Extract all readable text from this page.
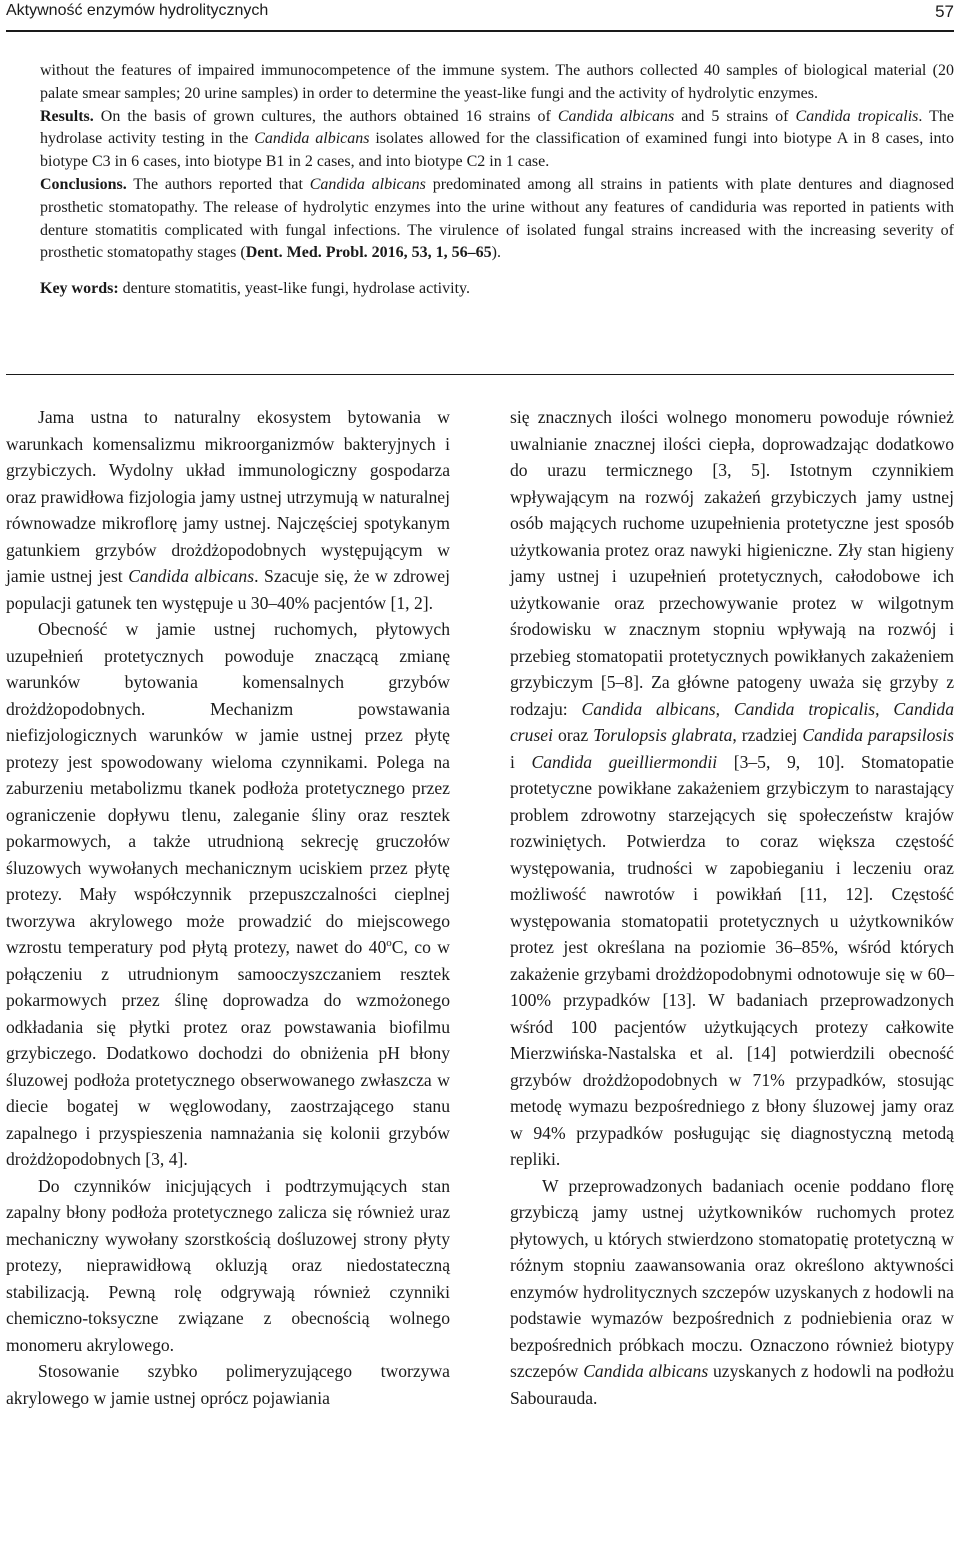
Aktywność enzymów hydrolitycznych	57

without the features of impaired immunocompetence of the immune system. The authors collected 40 samples of biological material (20 palate smear samples; 20 urine samples) in order to determine the yeast-like fungi and the activity of hydrolytic enzymes.

Results. On the basis of grown cultures, the authors obtained 16 strains of Candida albicans and 5 strains of Candida tropicalis. The hydrolase activity testing in the Candida albicans isolates allowed for the classification of examined fungi into biotype A in 8 cases, into biotype C3 in 6 cases, into biotype B1 in 2 cases, and into biotype C2 in 1 case.

Conclusions. The authors reported that Candida albicans predominated among all strains in patients with plate dentures and diagnosed prosthetic stomatopathy. The release of hydrolytic enzymes into the urine without any features of candiduria was reported in patients with denture stomatitis complicated with fungal infections. The virulence of isolated fungal strains increased with the increasing severity of prosthetic stomatopathy stages (Dent. Med. Probl. 2016, 53, 1, 56–65).

Key words: denture stomatitis, yeast-like fungi, hydrolase activity.

Jama ustna to naturalny ekosystem bytowania w warunkach komensalizmu mikroorganizmów bakteryjnych i grzybiczych. Wydolny układ immunologiczny gospodarza oraz prawidłowa fizjologia jamy ustnej utrzymują w naturalnej równowadze mikroflorę jamy ustnej. Najczęściej spotykanym gatunkiem grzybów drożdżopodobnych występującym w jamie ustnej jest Candida albicans. Szacuje się, że w zdrowej populacji gatunek ten występuje u 30–40% pacjentów [1, 2].

Obecność w jamie ustnej ruchomych, płytowych uzupełnień protetycznych powoduje znaczącą zmianę warunków bytowania komensalnych grzybów drożdżopodobnych. Mechanizm powstawania niefizjologicznych warunków w jamie ustnej przez płytę protezy jest spowodowany wieloma czynnikami. Polega na zaburzeniu metabolizmu tkanek podłoża protetycznego przez ograniczenie dopływu tlenu, zaleganie śliny oraz resztek pokarmowych, a także utrudnioną sekrecję gruczołów śluzowych wywołanych mechanicznym uciskiem przez płytę protezy. Mały współczynnik przepuszczalności cieplnej tworzywa akrylowego może prowadzić do miejscowego wzrostu temperatury pod płytą protezy, nawet do 40$^o$C, co w połączeniu z utrudnionym samooczyszczaniem resztek pokarmowych przez ślinę doprowadza do wzmożonego odkładania się płytki protez oraz powstawania biofilmu grzybiczego. Dodatkowo dochodzi do obniżenia pH błony śluzowej podłoża protetycznego obserwowanego zwłaszcza w diecie bogatej w węglowodany, zaostrzającego stanu zapalnego i przyspieszenia namnażania się kolonii grzybów drożdżopodobnych [3, 4].

Do czynników inicjujących i podtrzymujących stan zapalny błony podłoża protetycznego zalicza się również uraz mechaniczny wywołany szorstkością dośluzowej strony płyty protezy, nieprawidłową okluzją oraz niedostateczną stabilizacją. Pewną rolę odgrywają również czynniki chemiczno-toksyczne związane z obecnością wolnego monomeru akrylowego.

Stosowanie szybko polimeryzującego tworzywa akrylowego w jamie ustnej oprócz pojawiania

się znacznych ilości wolnego monomeru powoduje również uwalnianie znacznej ilości ciepła, doprowadzając dodatkowo do urazu termicznego [3, 5]. Istotnym czynnikiem wpływającym na rozwój zakażeń grzybiczych jamy ustnej osób mających ruchome uzupełnienia protetyczne jest sposób użytkowania protez oraz nawyki higieniczne. Zły stan higieny jamy ustnej i uzupełnień protetycznych, całodobowe ich użytkowanie oraz przechowywanie protez w wilgotnym środowisku w znacznym stopniu wpływają na rozwój i przebieg stomatopatii protetycznych powikłanych zakażeniem grzybiczym [5–8]. Za główne patogeny uważa się grzyby z rodzaju: Candida albicans, Candida tropicalis, Candida crusei oraz Torulopsis glabrata, rzadziej Candida parapsilosis i Candida gueilliermondii [3–5, 9, 10]. Stomatopatie protetyczne powikłane zakażeniem grzybiczym to narastający problem zdrowotny starzejących się społeczeństw krajów rozwiniętych. Potwierdza to coraz większa częstość występowania, trudności w zapobieganiu i leczeniu oraz możliwość nawrotów i powikłań [11, 12]. Częstość występowania stomatopatii protetycznych u użytkowników protez jest określana na poziomie 36–85%, wśród których zakażenie grzybami drożdżopodobnymi odnotowuje się w 60–100% przypadków [13]. W badaniach przeprowadzonych wśród 100 pacjentów użytkujących protezy całkowite Mierzwińska-Nastalska et al. [14] potwierdzili obecność grzybów drożdżopodobnych w 71% przypadków, stosując metodę wymazu bezpośredniego z błony śluzowej jamy oraz w 94% przypadków posługując się diagnostyczną metodą repliki.

W przeprowadzonych badaniach ocenie poddano florę grzybiczą jamy ustnej użytkowników ruchomych protez płytowych, u których stwierdzono stomatopatię protetyczną w różnym stopniu zaawansowania oraz określono aktywności enzymów hydrolitycznych szczepów uzyskanych z hodowli na podstawie wymazów bezpośrednich z podniebienia oraz w bezpośrednich próbkach moczu. Oznaczono również biotypy szczepów Candida albicans uzyskanych z hodowli na podłożu Sabourauda.
